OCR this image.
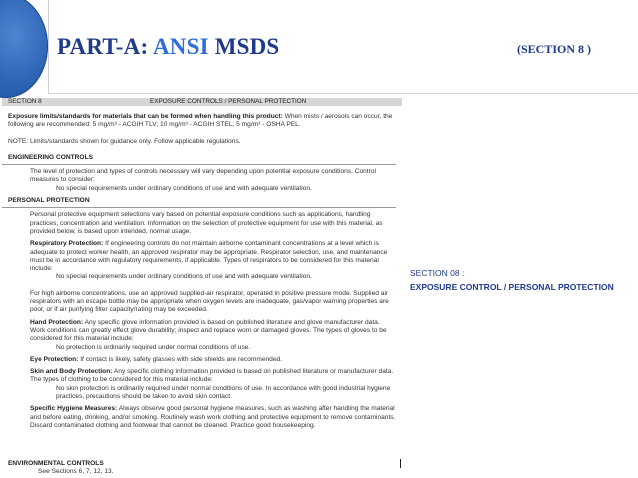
PART-A: ANSI MSDS	(SECTION 8 )
SECTION 8	EXPOSURE CONTROLS / PERSONAL PROTECTION

Exposure limits/standards for materials that can be formed when handling this product: When mists / aerosols can occur, the following are recommended: 5 mg/m³ - ACGIH TLV; 10 mg/m³ - ACGIH STEL, 5 mg/m³ - OSHA PEL.

NOTE: Limits/standards shown for guidance only. Follow applicable regulations.

ENGINEERING CONTROLS

The level of protection and types of controls necessary will vary depending upon potential exposure conditions. Control measures to consider:

No special requirements under ordinary conditions of use and with adequate ventilation.

PERSONAL PROTECTION

Personal protective equipment selections vary based on potential exposure conditions such as applications, handling practices, concentration and ventilation. Information on the selection of protective equipment for use with this material, as provided below, is based upon intended, normal usage.

Respiratory Protection: If engineering controls do not maintain airborne contaminant concentrations at a level which is adequate to protect worker health, an approved respirator may be appropriate. Respirator selection, use, and maintenance must be in accordance with regulatory requirements, if applicable. Types of respirators to be considered for this material include:

No special requirements under ordinary conditions of use and with adequate ventilation.

For high airborne concentrations, use an approved supplied-air respirator, operated in positive pressure mode. Supplied air respirators with an escape bottle may be appropriate when oxygen levels are inadequate, gas/vapor warning properties are poor, or if air purifying filter capacity/rating may be exceeded.

Hand Protection: Any specific glove information provided is based on published literature and glove manufacturer data. Work conditions can greatly effect glove durability; inspect and replace worn or damaged gloves. The types of gloves to be considered for this material include:

No protection is ordinarily required under normal conditions of use.

Eye Protection: If contact is likely, safety glasses with side shields are recommended.

Skin and Body Protection: Any specific clothing information provided is based on published literature or manufacturer data. The types of clothing to be considered for this material include:

No skin protection is ordinarily required under normal conditions of use. In accordance with good industrial hygiene practices, precautions should be taken to avoid skin contact.

Specific Hygiene Measures: Always observe good personal hygiene measures, such as washing after handling the material and before eating, drinking, and/or smoking. Routinely wash work clothing and protective equipment to remove contaminants. Discard contaminated clothing and footwear that cannot be cleaned. Practice good housekeeping.

ENVIRONMENTAL CONTROLS
See Sections 6, 7, 12, 13.
SECTION 08 :
EXPOSURE CONTROL / PERSONAL PROTECTION
